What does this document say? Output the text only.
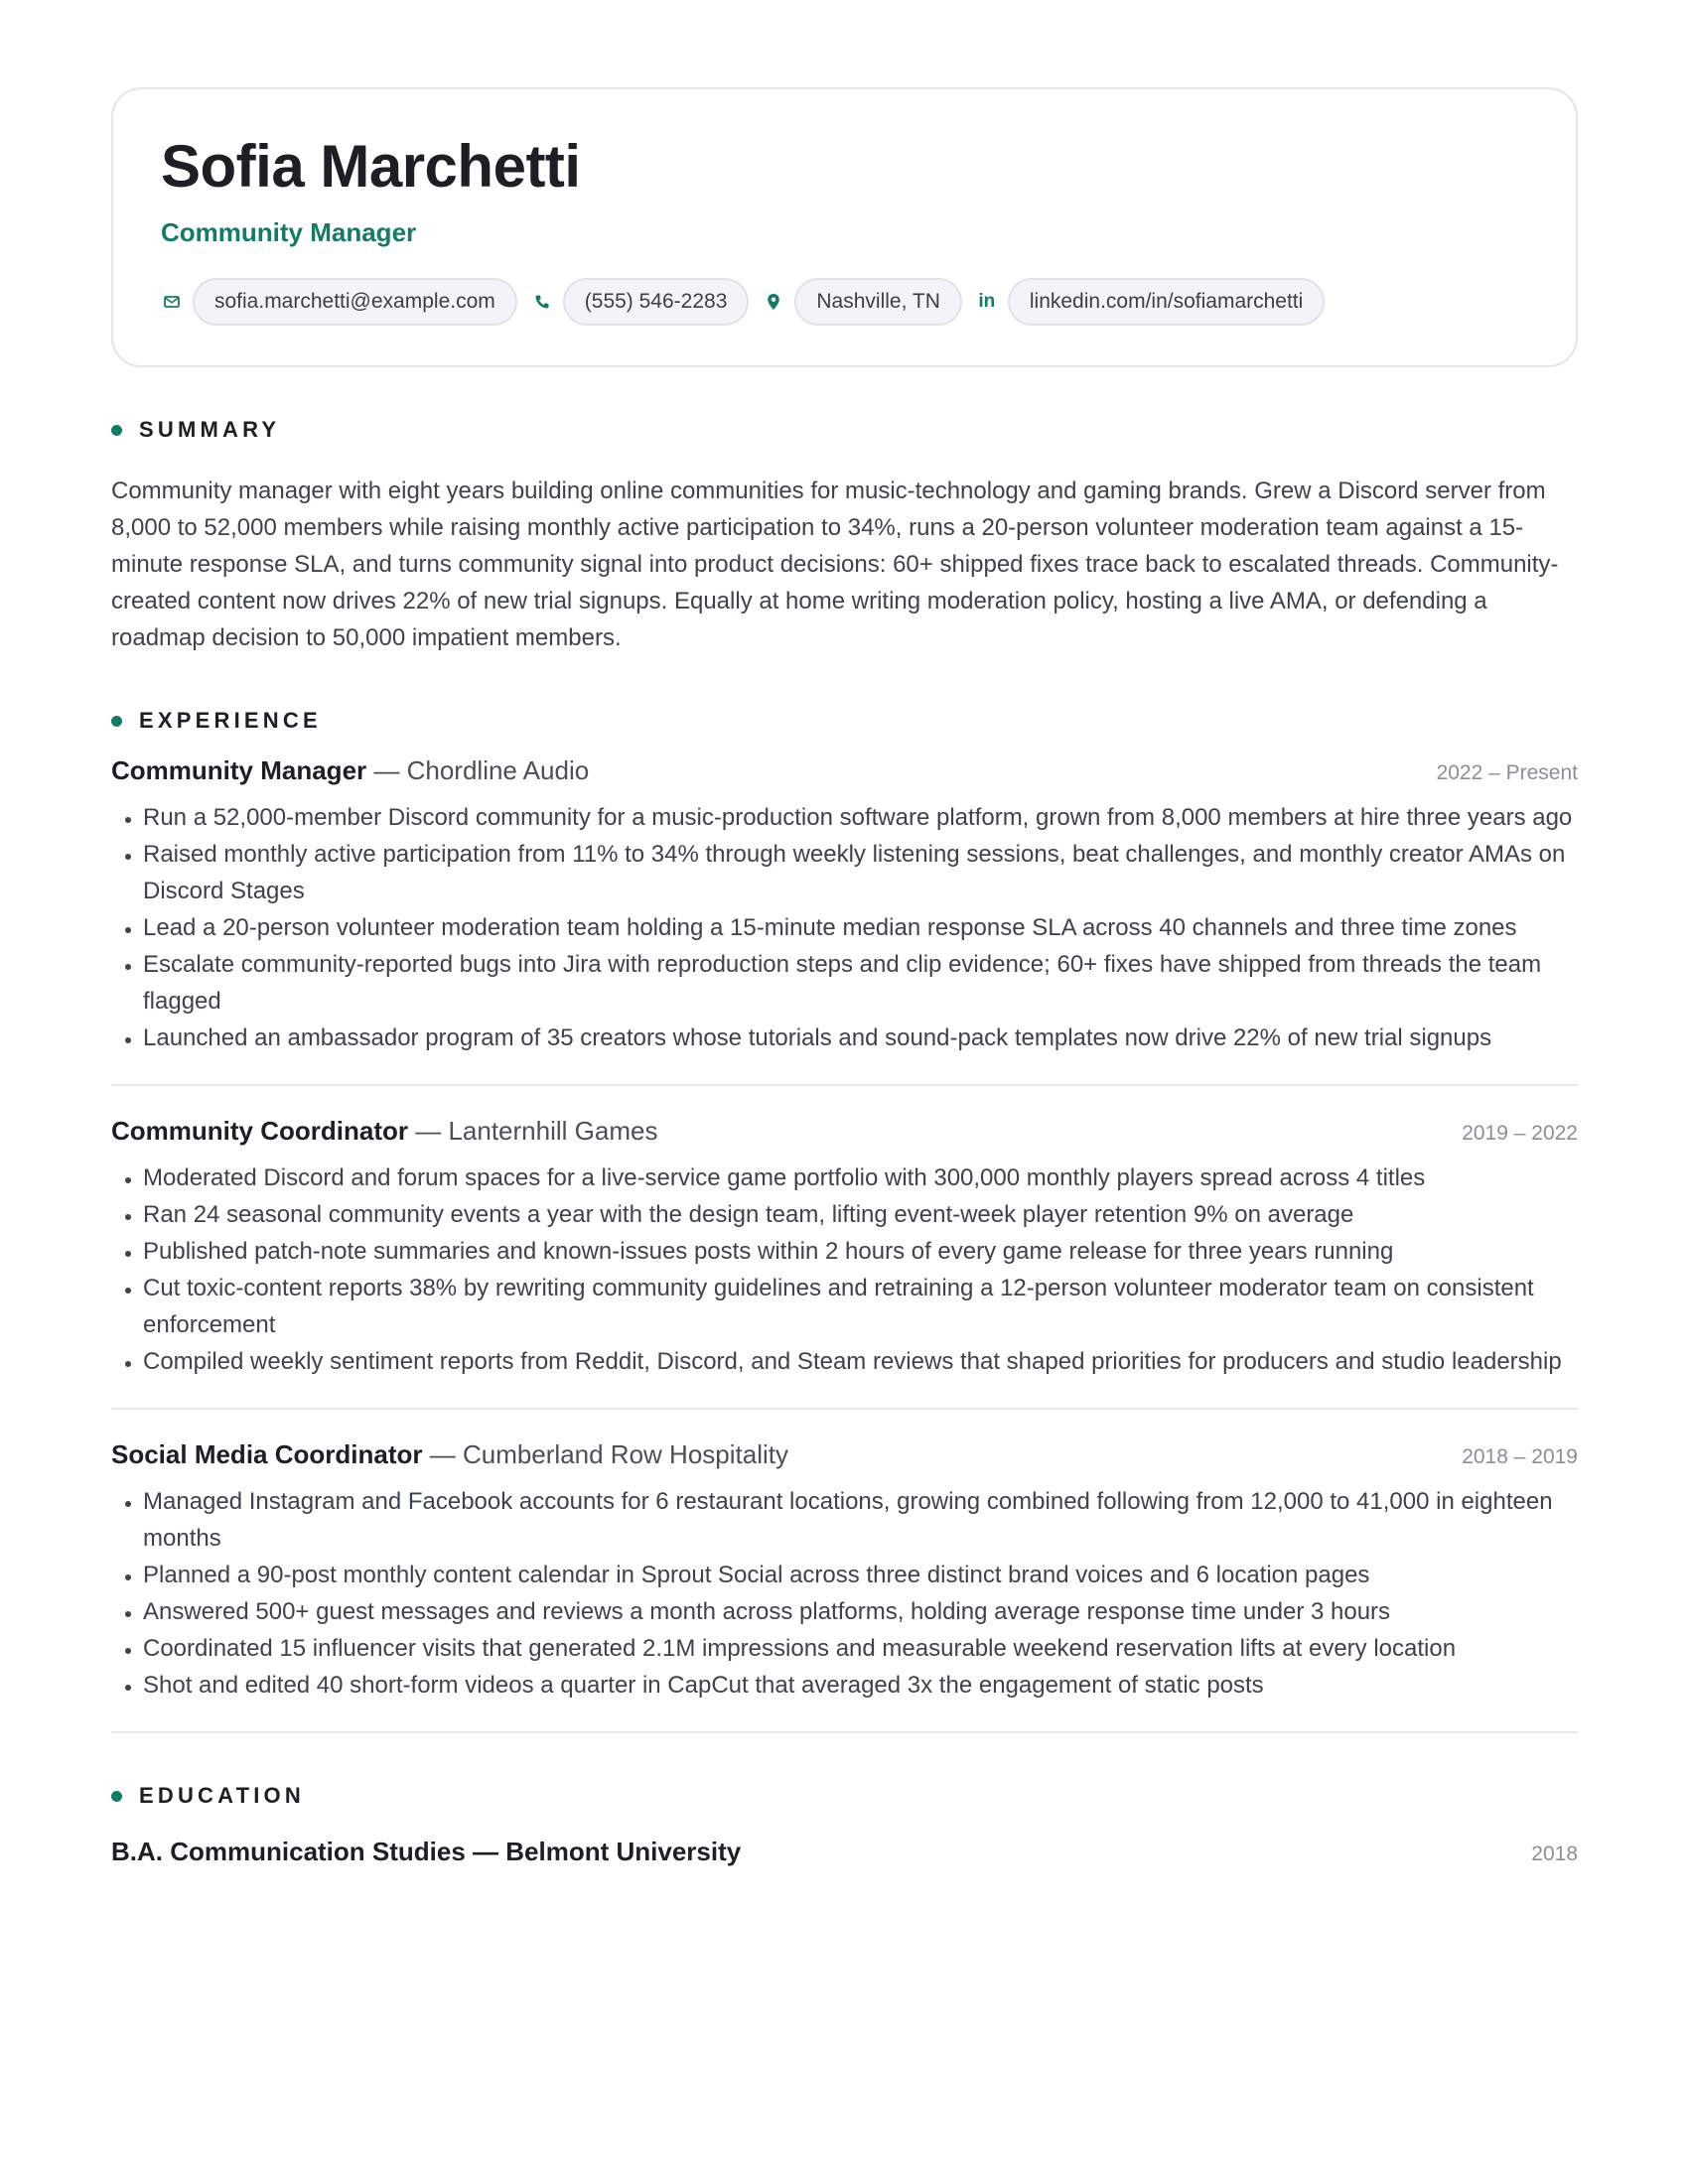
Sofia Marchetti
Community Manager
sofia.marchetti@example.com	(555) 546-2283	Nashville, TN	in	linkedin.com/in/sofiamarchetti
SUMMARY

Community manager with eight years building online communities for music-technology and gaming brands. Grew a Discord server from 8,000 to 52,000 members while raising monthly active participation to 34%, runs a 20-person volunteer moderation team against a 15-minute response SLA, and turns community signal into product decisions: 60+ shipped fixes trace back to escalated threads. Community-created content now drives 22% of new trial signups. Equally at home writing moderation policy, hosting a live AMA, or defending a roadmap decision to 50,000 impatient members.

EXPERIENCE
Community Manager — Chordline Audio	2022 – Present
• Run a 52,000-member Discord community for a music-production software platform, grown from 8,000 members at hire three years ago
• Raised monthly active participation from 11% to 34% through weekly listening sessions, beat challenges, and monthly creator AMAs on Discord Stages
• Lead a 20-person volunteer moderation team holding a 15-minute median response SLA across 40 channels and three time zones
• Escalate community-reported bugs into Jira with reproduction steps and clip evidence; 60+ fixes have shipped from threads the team flagged
• Launched an ambassador program of 35 creators whose tutorials and sound-pack templates now drive 22% of new trial signups
Community Coordinator — Lanternhill Games	2019 – 2022
• Moderated Discord and forum spaces for a live-service game portfolio with 300,000 monthly players spread across 4 titles
• Ran 24 seasonal community events a year with the design team, lifting event-week player retention 9% on average
• Published patch-note summaries and known-issues posts within 2 hours of every game release for three years running
• Cut toxic-content reports 38% by rewriting community guidelines and retraining a 12-person volunteer moderator team on consistent enforcement
• Compiled weekly sentiment reports from Reddit, Discord, and Steam reviews that shaped priorities for producers and studio leadership
Social Media Coordinator — Cumberland Row Hospitality	2018 – 2019
• Managed Instagram and Facebook accounts for 6 restaurant locations, growing combined following from 12,000 to 41,000 in eighteen months
• Planned a 90-post monthly content calendar in Sprout Social across three distinct brand voices and 6 location pages
• Answered 500+ guest messages and reviews a month across platforms, holding average response time under 3 hours
• Coordinated 15 influencer visits that generated 2.1M impressions and measurable weekend reservation lifts at every location
• Shot and edited 40 short-form videos a quarter in CapCut that averaged 3x the engagement of static posts
EDUCATION
B.A. Communication Studies — Belmont University	2018
